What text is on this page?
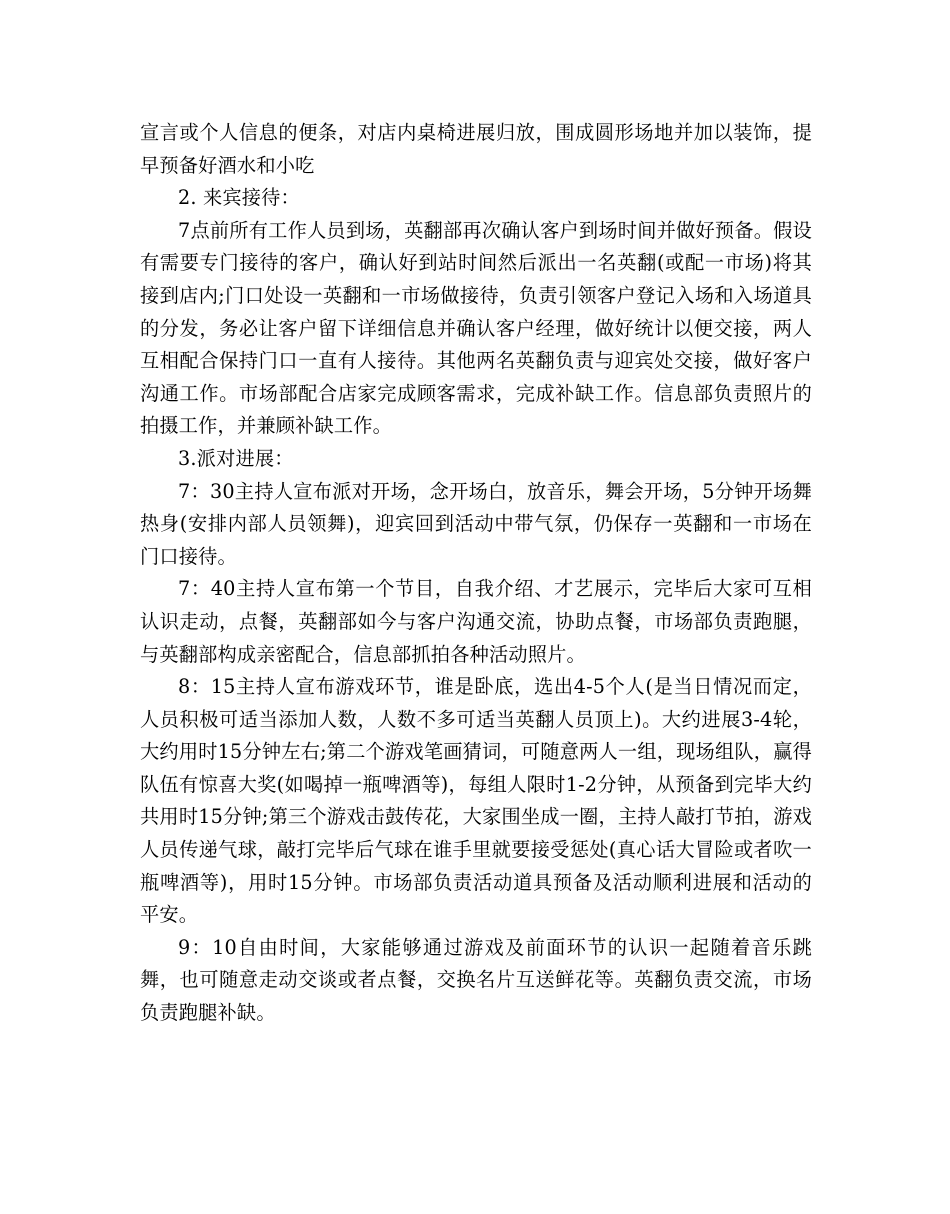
宣言或个人信息的便条，对店内桌椅进展归放，围成圆形场地并加以装饰，提早预备好酒水和小吃

2. 来宾接待：

7点前所有工作人员到场，英翻部再次确认客户到场时间并做好预备。假设有需要专门接待的客户，确认好到站时间然后派出一名英翻(或配一市场)将其接到店内;门口处设一英翻和一市场做接待，负责引领客户登记入场和入场道具的分发，务必让客户留下详细信息并确认客户经理，做好统计以便交接，两人互相配合保持门口一直有人接待。其他两名英翻负责与迎宾处交接，做好客户沟通工作。市场部配合店家完成顾客需求，完成补缺工作。信息部负责照片的拍摄工作，并兼顾补缺工作。

3.派对进展：

7：30主持人宣布派对开场，念开场白，放音乐，舞会开场，5分钟开场舞热身(安排内部人员领舞)，迎宾回到活动中带气氛，仍保存一英翻和一市场在门口接待。

7：40主持人宣布第一个节目，自我介绍、才艺展示，完毕后大家可互相认识走动，点餐，英翻部如今与客户沟通交流，协助点餐，市场部负责跑腿，与英翻部构成亲密配合，信息部抓拍各种活动照片。

8：15主持人宣布游戏环节，谁是卧底，选出4-5个人(是当日情况而定，人员积极可适当添加人数，人数不多可适当英翻人员顶上)。大约进展3-4轮，大约用时15分钟左右;第二个游戏笔画猜词，可随意两人一组，现场组队，赢得队伍有惊喜大奖(如喝掉一瓶啤酒等)，每组人限时1-2分钟，从预备到完毕大约共用时15分钟;第三个游戏击鼓传花，大家围坐成一圈，主持人敲打节拍，游戏人员传递气球，敲打完毕后气球在谁手里就要接受惩处(真心话大冒险或者吹一瓶啤酒等)，用时15分钟。市场部负责活动道具预备及活动顺利进展和活动的平安。

9：10自由时间，大家能够通过游戏及前面环节的认识一起随着音乐跳舞，也可随意走动交谈或者点餐，交换名片互送鲜花等。英翻负责交流，市场负责跑腿补缺。
